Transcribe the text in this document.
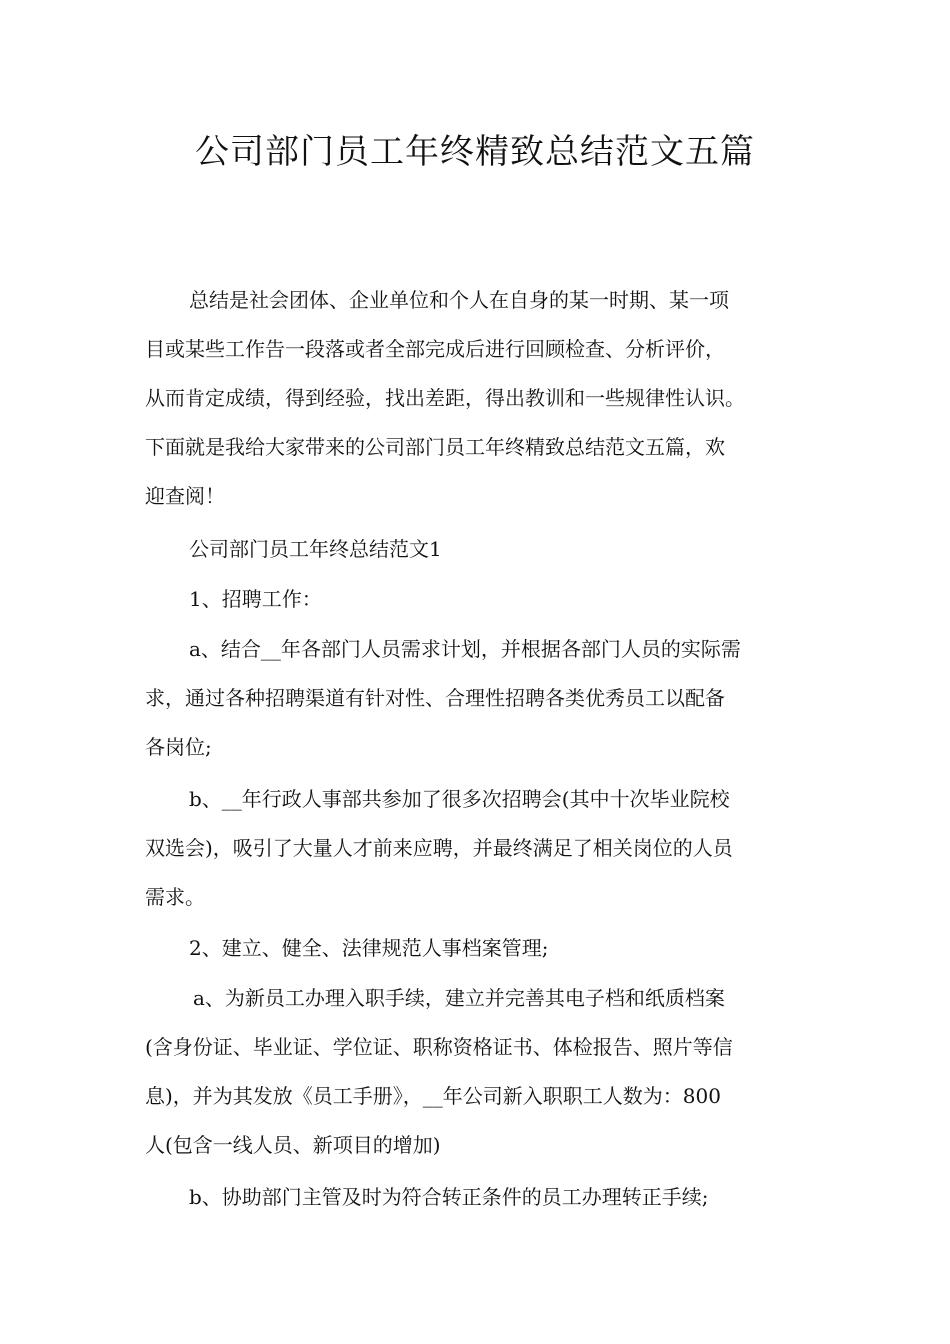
公司部门员工年终精致总结范文五篇
总结是社会团体、企业单位和个人在自身的某一时期、某一项
目或某些工作告一段落或者全部完成后进行回顾检查、分析评价，
从而肯定成绩，得到经验，找出差距，得出教训和一些规律性认识。
下面就是我给大家带来的公司部门员工年终精致总结范文五篇，欢
迎查阅！
公司部门员工年终总结范文1
1、招聘工作：
a、结合__年各部门人员需求计划，并根据各部门人员的实际需
求，通过各种招聘渠道有针对性、合理性招聘各类优秀员工以配备
各岗位;
b、__年行政人事部共参加了很多次招聘会(其中十次毕业院校
双选会)，吸引了大量人才前来应聘，并最终满足了相关岗位的人员
需求。
2、建立、健全、法律规范人事档案管理;
a、为新员工办理入职手续，建立并完善其电子档和纸质档案
(含身份证、毕业证、学位证、职称资格证书、体检报告、照片等信
息)，并为其发放《员工手册》，__年公司新入职职工人数为：800
人(包含一线人员、新项目的增加)
b、协助部门主管及时为符合转正条件的员工办理转正手续;
